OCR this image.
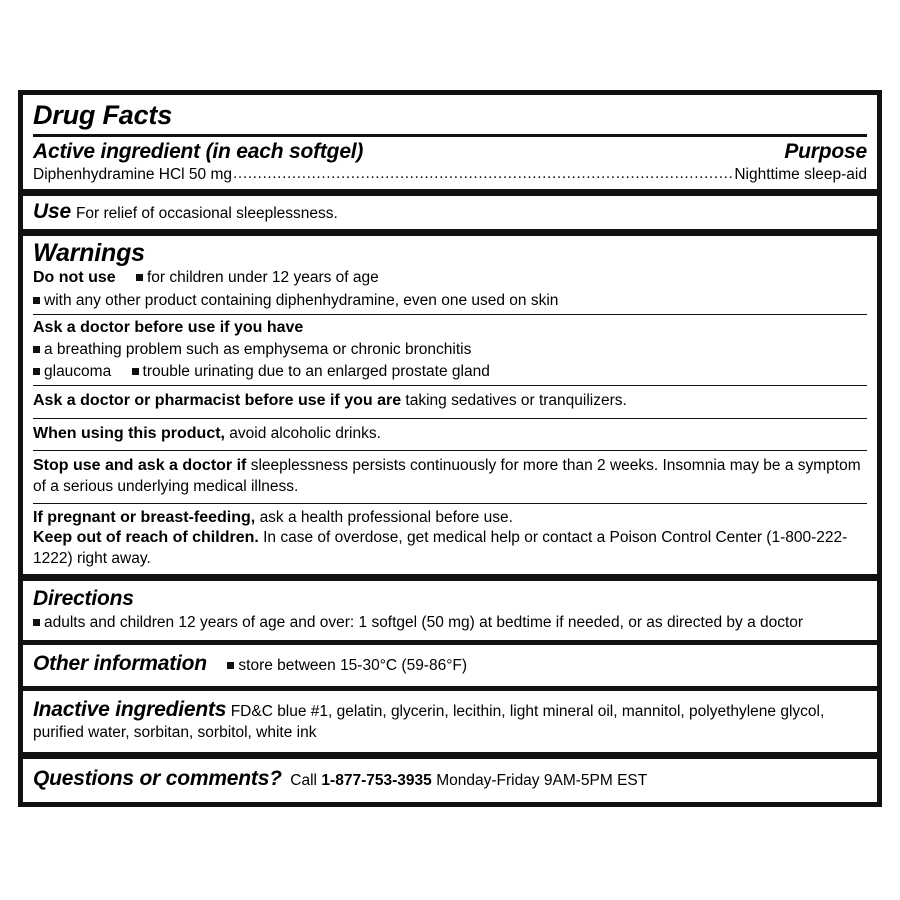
Drug Facts
Active ingredient (in each softgel)	Purpose
Diphenhydramine HCl 50 mg .....	Nighttime sleep-aid
Use For relief of occasional sleeplessness.
Warnings
Do not use for children under 12 years of age
with any other product containing diphenhydramine, even one used on skin
Ask a doctor before use if you have
a breathing problem such as emphysema or chronic bronchitis
glaucoma trouble urinating due to an enlarged prostate gland
Ask a doctor or pharmacist before use if you are taking sedatives or tranquilizers.
When using this product, avoid alcoholic drinks.
Stop use and ask a doctor if sleeplessness persists continuously for more than 2 weeks. Insomnia may be a symptom of a serious underlying medical illness.
If pregnant or breast-feeding, ask a health professional before use.
Keep out of reach of children. In case of overdose, get medical help or contact a Poison Control Center (1-800-222-1222) right away.
Directions
adults and children 12 years of age and over: 1 softgel (50 mg) at bedtime if needed, or as directed by a doctor
Other information store between 15-30°C (59-86°F)
Inactive ingredients FD&C blue #1, gelatin, glycerin, lecithin, light mineral oil, mannitol, polyethylene glycol, purified water, sorbitan, sorbitol, white ink
Questions or comments? Call 1-877-753-3935 Monday-Friday 9AM-5PM EST
